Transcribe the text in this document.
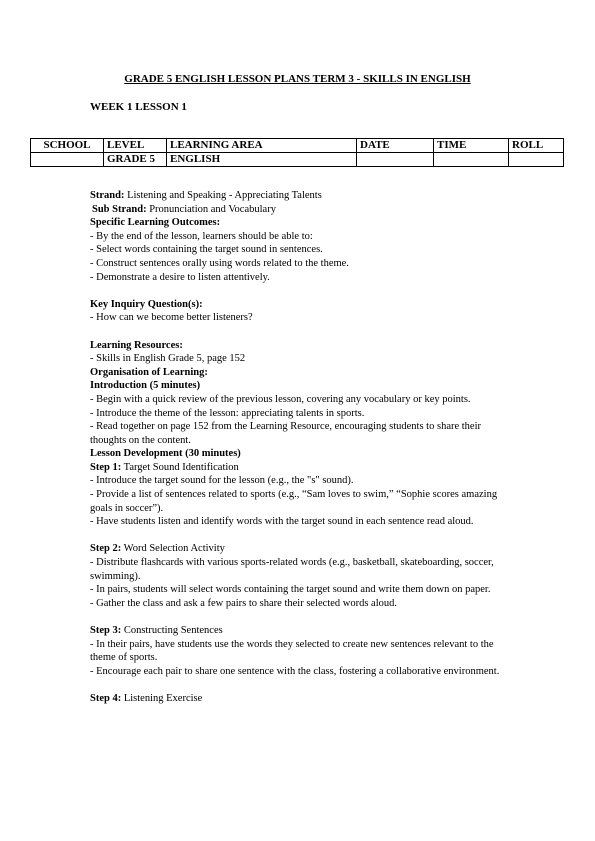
GRADE 5 ENGLISH LESSON PLANS TERM 3 - SKILLS IN ENGLISH
WEEK 1 LESSON 1
SCHOOL	LEVEL	LEARNING AREA	DATE	TIME	ROLL
	GRADE 5	ENGLISH			

Strand: Listening and Speaking - Appreciating Talents

Sub Strand: Pronunciation and Vocabulary

Specific Learning Outcomes:

- By the end of the lesson, learners should be able to:

- Select words containing the target sound in sentences.

- Construct sentences orally using words related to the theme.

- Demonstrate a desire to listen attentively.

Key Inquiry Question(s):

- How can we become better listeners?

Learning Resources:

- Skills in English Grade 5, page 152

Organisation of Learning:

Introduction (5 minutes)

- Begin with a quick review of the previous lesson, covering any vocabulary or key points.

- Introduce the theme of the lesson: appreciating talents in sports.

- Read together on page 152 from the Learning Resource, encouraging students to share their thoughts on the content.

Lesson Development (30 minutes)

Step 1: Target Sound Identification

- Introduce the target sound for the lesson (e.g., the "s" sound).

- Provide a list of sentences related to sports (e.g., “Sam loves to swim,” “Sophie scores amazing goals in soccer”).

- Have students listen and identify words with the target sound in each sentence read aloud.

Step 2: Word Selection Activity

- Distribute flashcards with various sports-related words (e.g., basketball, skateboarding, soccer, swimming).

- In pairs, students will select words containing the target sound and write them down on paper.

- Gather the class and ask a few pairs to share their selected words aloud.

Step 3: Constructing Sentences

- In their pairs, have students use the words they selected to create new sentences relevant to the theme of sports.

- Encourage each pair to share one sentence with the class, fostering a collaborative environment.

Step 4: Listening Exercise
